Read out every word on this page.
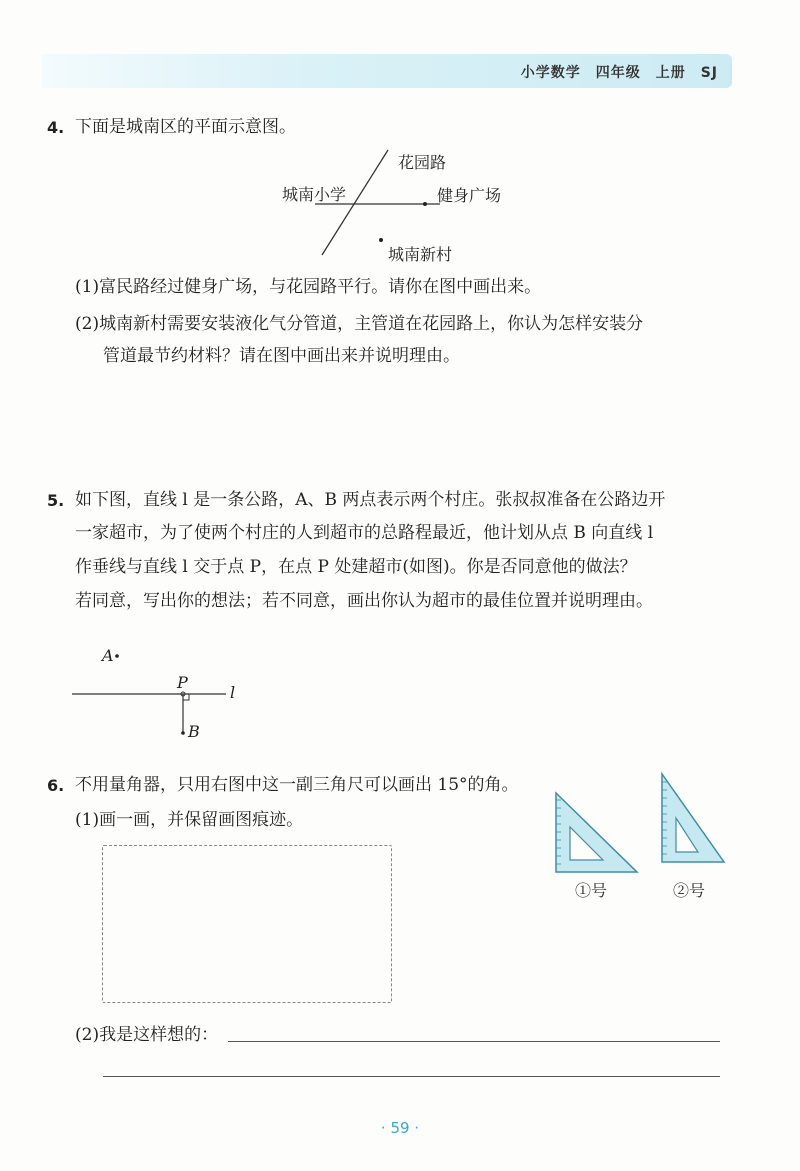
小学数学　四年级　上册　SJ
4. 下面是城南区的平面示意图。
花园路
城南小学	健身广场
城南新村
(1)富民路经过健身广场，与花园路平行。请你在图中画出来。
(2)城南新村需要安装液化气分管道，主管道在花园路上，你认为怎样安装分
管道最节约材料？请在图中画出来并说明理由。
5. 如下图，直线 l 是一条公路，A、B 两点表示两个村庄。张叔叔准备在公路边开
一家超市，为了使两个村庄的人到超市的总路程最近，他计划从点 B 向直线 l
作垂线与直线 l 交于点 P，在点 P 处建超市(如图)。你是否同意他的做法？
若同意，写出你的想法；若不同意，画出你认为超市的最佳位置并说明理由。
A
P
B
l
6. 不用量角器，只用右图中这一副三角尺可以画出 15°的角。
(1)画一画，并保留画图痕迹。
①号	②号
(2)我是这样想的：
· 59 ·
